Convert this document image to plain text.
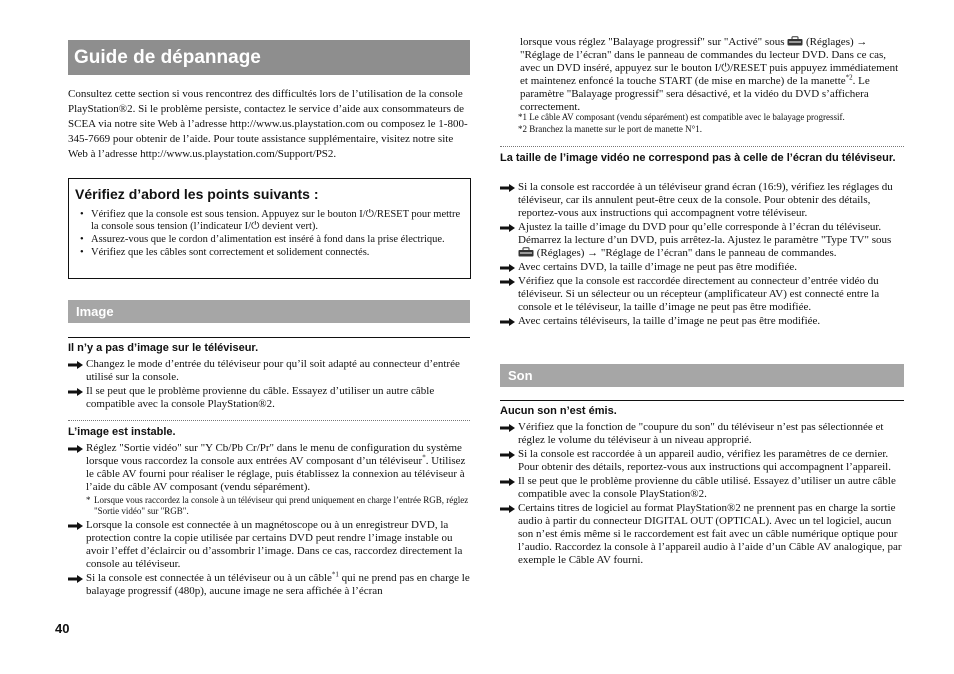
Guide de dépannage
Consultez cette section si vous rencontrez des difficultés lors de l’utilisation de la console PlayStation®2. Si le problème persiste, contactez le service d’aide aux consommateurs de SCEA via notre site Web à l’adresse http://www.us.playstation.com ou composez le 1-800-345-7669 pour obtenir de l’aide. Pour toute assistance supplémentaire, visitez notre site Web à l’adresse http://www.us.playstation.com/Support/PS2.
Vérifiez d’abord les points suivants :
• Vérifiez que la console est sous tension. Appuyez sur le bouton I/⏻/RESET pour mettre la console sous tension (l’indicateur I/⏻ devient vert).
• Assurez-vous que le cordon d’alimentation est inséré à fond dans la prise électrique.
• Vérifiez que les câbles sont correctement et solidement connectés.
Image
Il n’y a pas d’image sur le téléviseur.
Changez le mode d’entrée du téléviseur pour qu’il soit adapté au connecteur d’entrée utilisé sur la console.
Il se peut que le problème provienne du câble. Essayez d’utiliser un autre câble compatible avec la console PlayStation®2.
L’image est instable.
Réglez "Sortie vidéo" sur "Y Cb/Pb Cr/Pr" dans le menu de configuration du système lorsque vous raccordez la console aux entrées AV composant d’un téléviseur*. Utilisez le câble AV fourni pour réaliser le réglage, puis établissez la connexion au téléviseur à l’aide du câble AV composant (vendu séparément).
* Lorsque vous raccordez la console à un téléviseur qui prend uniquement en charge l’entrée RGB, réglez "Sortie vidéo" sur "RGB".
Lorsque la console est connectée à un magnétoscope ou à un enregistreur DVD, la protection contre la copie utilisée par certains DVD peut rendre l’image instable ou avoir l’effet d’éclaircir ou d’assombrir l’image. Dans ce cas, raccordez directement la console au téléviseur.
Si la console est connectée à un téléviseur ou à un câble$^{*1}$ qui ne prend pas en charge le balayage progressif (480p), aucune image ne sera affichée à l’écran
40
lorsque vous réglez "Balayage progressif" sur "Activé" sous  (Réglages) → "Réglage de l’écran" dans le panneau de commandes du lecteur DVD. Dans ce cas, avec un DVD inséré, appuyez sur le bouton I/⏻/RESET puis appuyez immédiatement et maintenez enfoncé la touche START (de mise en marche) de la manette$^{*2}$. Le paramètre "Balayage progressif" sera désactivé, et la vidéo du DVD s’affichera correctement.
*1 Le câble AV composant (vendu séparément) est compatible avec le balayage progressif.
*2 Branchez la manette sur le port de manette N°1.
La taille de l’image vidéo ne correspond pas à celle de l’écran du téléviseur.
Si la console est raccordée à un téléviseur grand écran (16:9), vérifiez les réglages du téléviseur, car ils annulent peut-être ceux de la console. Pour obtenir des détails, reportez-vous aux instructions qui accompagnent votre téléviseur.
Ajustez la taille d’image du DVD pour qu’elle corresponde à l’écran du téléviseur. Démarrez la lecture d’un DVD, puis arrêtez-la. Ajustez le paramètre "Type TV" sous  (Réglages) → "Réglage de l’écran" dans le panneau de commandes.
Avec certains DVD, la taille d’image ne peut pas être modifiée.
Vérifiez que la console est raccordée directement au connecteur d’entrée vidéo du téléviseur. Si un sélecteur ou un récepteur (amplificateur AV) est connecté entre la console et le téléviseur, la taille d’image ne peut pas être modifiée.
Avec certains téléviseurs, la taille d’image ne peut pas être modifiée.
Son
Aucun son n’est émis.
Vérifiez que la fonction de "coupure du son" du téléviseur n’est pas sélectionnée et réglez le volume du téléviseur à un niveau approprié.
Si la console est raccordée à un appareil audio, vérifiez les paramètres de ce dernier. Pour obtenir des détails, reportez-vous aux instructions qui accompagnent l’appareil.
Il se peut que le problème provienne du câble utilisé. Essayez d’utiliser un autre câble compatible avec la console PlayStation®2.
Certains titres de logiciel au format PlayStation®2 ne prennent pas en charge la sortie audio à partir du connecteur DIGITAL OUT (OPTICAL). Avec un tel logiciel, aucun son n’est émis même si le raccordement est fait avec un câble numérique optique pour l’audio. Raccordez la console à l’appareil audio à l’aide d’un Câble AV analogique, par exemple le Câble AV fourni.
